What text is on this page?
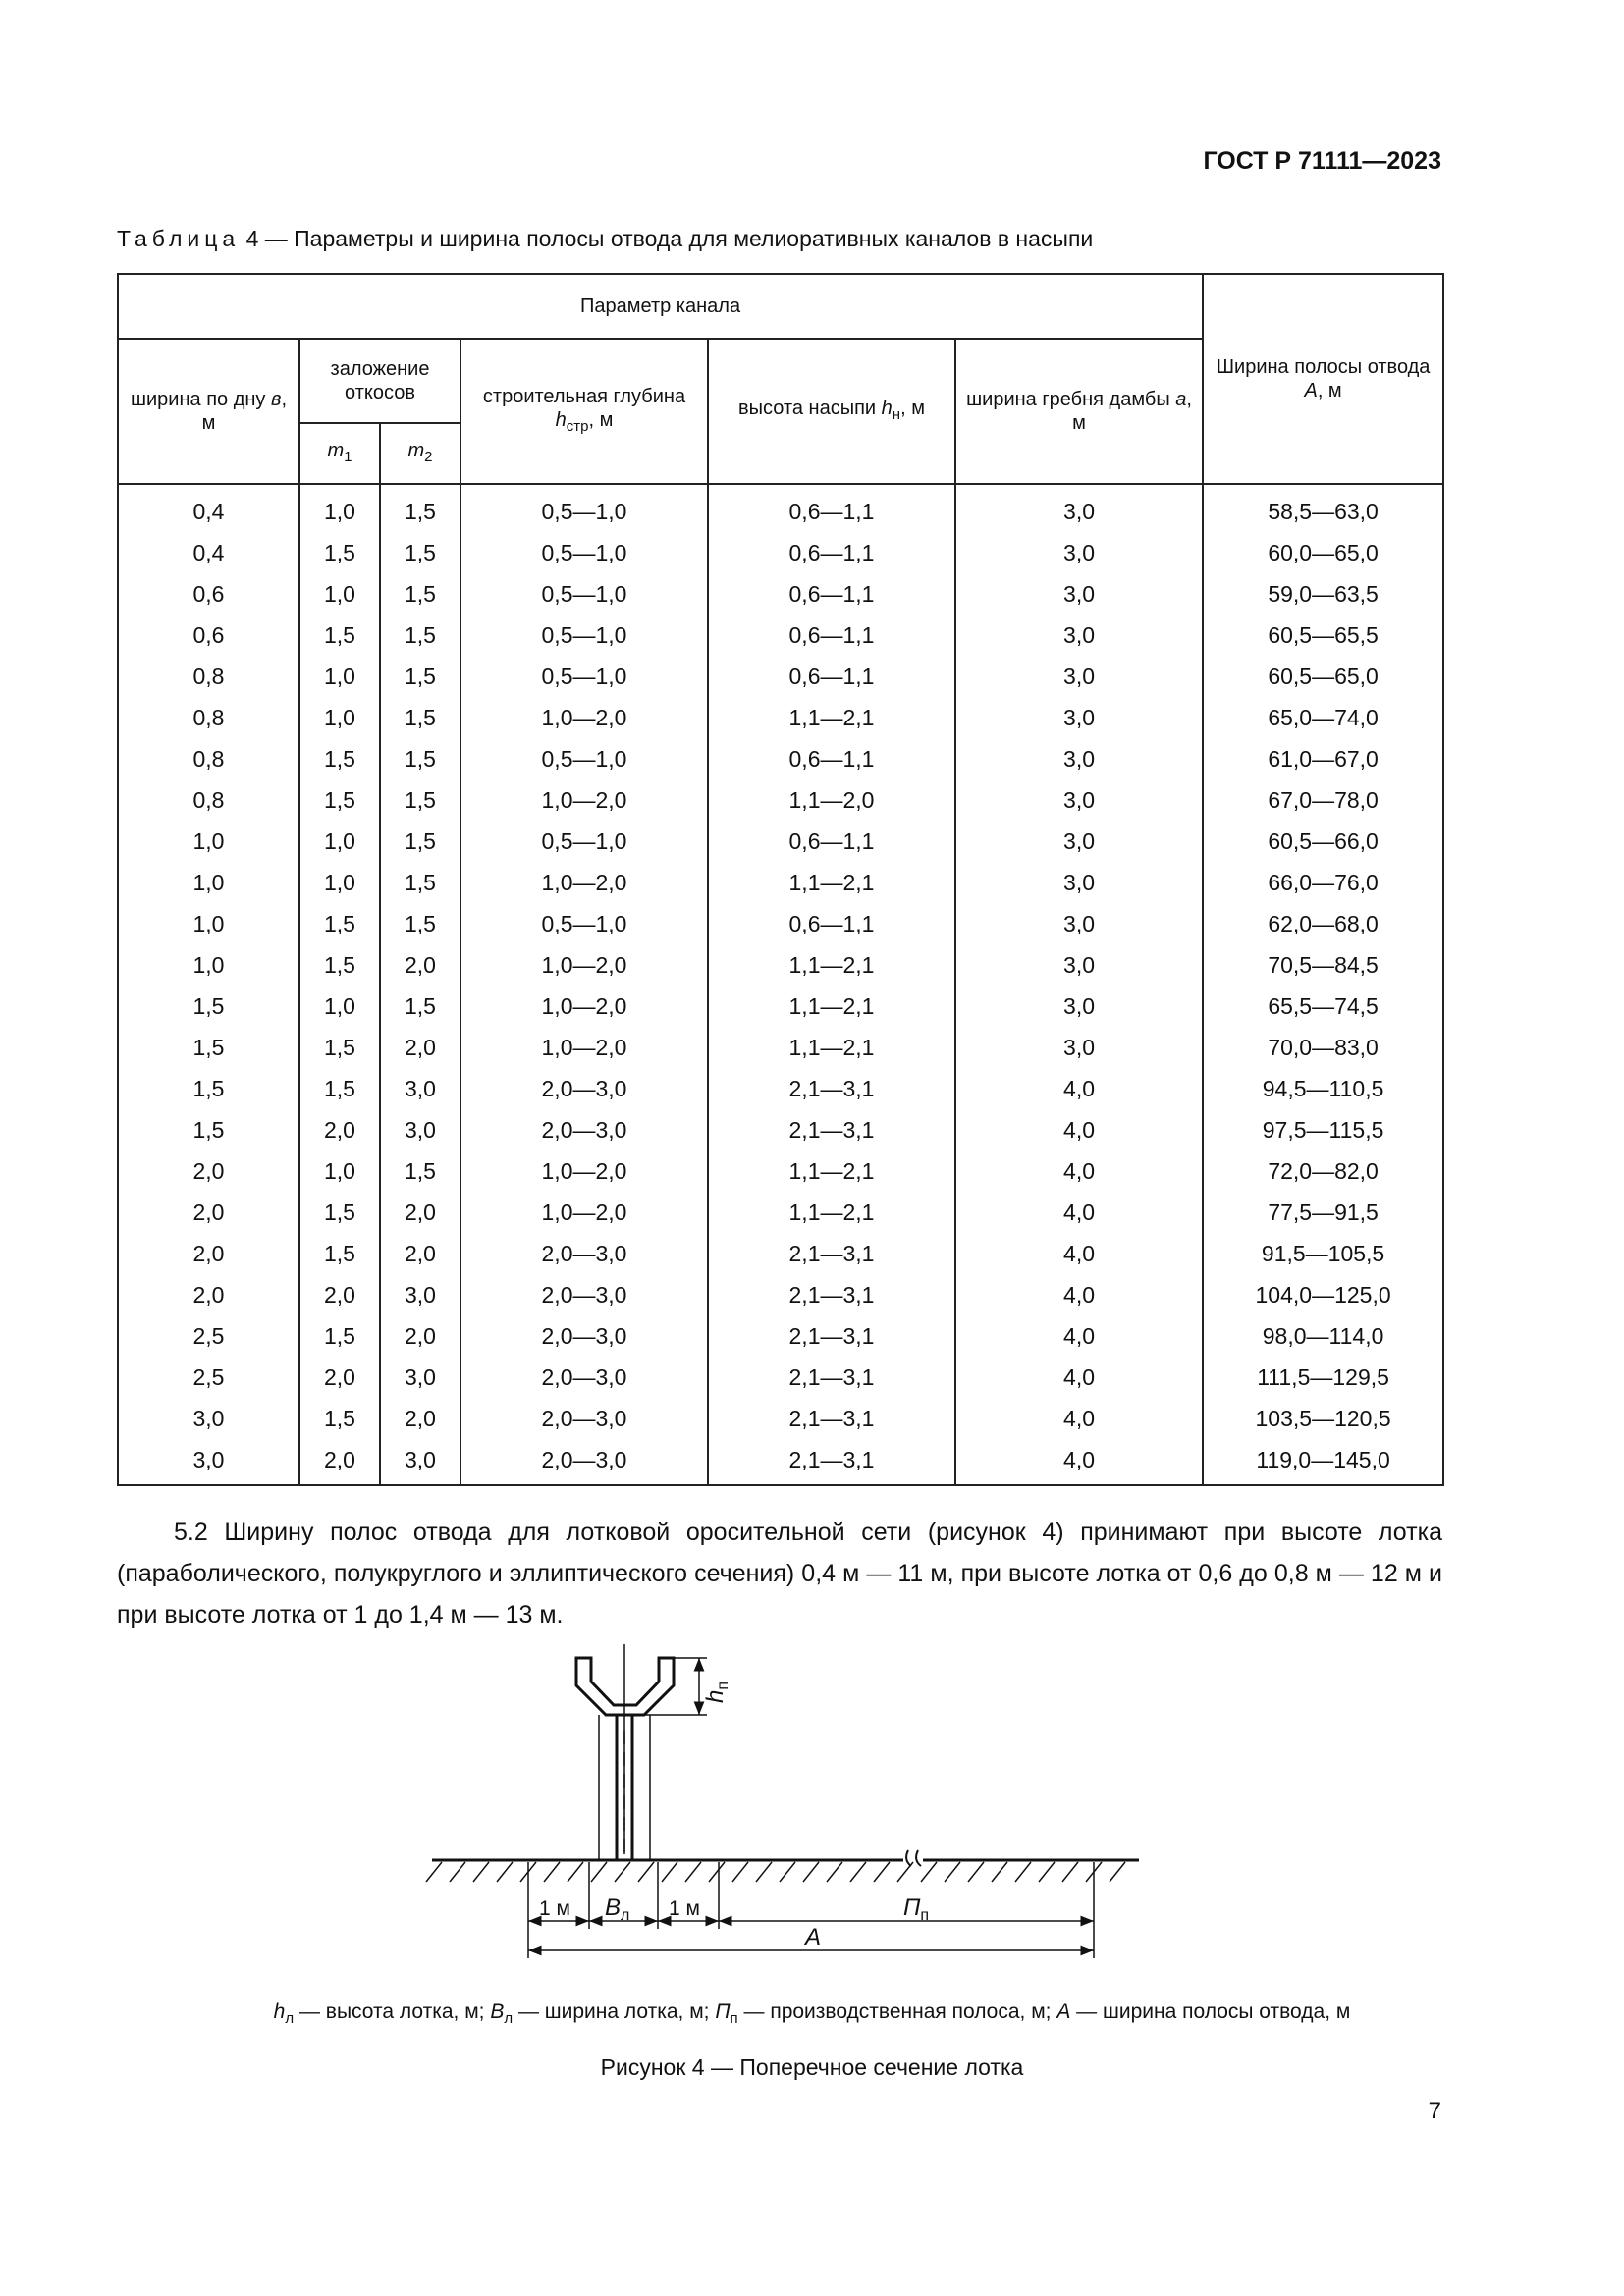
ГОСТ Р 71111—2023
Таблица 4 — Параметры и ширина полосы отвода для мелиоративных каналов в насыпи
Параметр канала						Ширина полосы отвода А, м
ширина по дну в, м	заложение откосов		строительная глубина $h_{стр}$, м	высота насыпи $h_н$, м	ширина гребня дамбы a, м	
	$m_1$	$m_2$
0,4	1,0	1,5	0,5—1,0	0,6—1,1	3,0	58,5—63,0
0,4	1,5	1,5	0,5—1,0	0,6—1,1	3,0	60,0—65,0
0,6	1,0	1,5	0,5—1,0	0,6—1,1	3,0	59,0—63,5
0,6	1,5	1,5	0,5—1,0	0,6—1,1	3,0	60,5—65,5
0,8	1,0	1,5	0,5—1,0	0,6—1,1	3,0	60,5—65,0
0,8	1,0	1,5	1,0—2,0	1,1—2,1	3,0	65,0—74,0
0,8	1,5	1,5	0,5—1,0	0,6—1,1	3,0	61,0—67,0
0,8	1,5	1,5	1,0—2,0	1,1—2,0	3,0	67,0—78,0
1,0	1,0	1,5	0,5—1,0	0,6—1,1	3,0	60,5—66,0
1,0	1,0	1,5	1,0—2,0	1,1—2,1	3,0	66,0—76,0
1,0	1,5	1,5	0,5—1,0	0,6—1,1	3,0	62,0—68,0
1,0	1,5	2,0	1,0—2,0	1,1—2,1	3,0	70,5—84,5
1,5	1,0	1,5	1,0—2,0	1,1—2,1	3,0	65,5—74,5
1,5	1,5	2,0	1,0—2,0	1,1—2,1	3,0	70,0—83,0
1,5	1,5	3,0	2,0—3,0	2,1—3,1	4,0	94,5—110,5
1,5	2,0	3,0	2,0—3,0	2,1—3,1	4,0	97,5—115,5
2,0	1,0	1,5	1,0—2,0	1,1—2,1	4,0	72,0—82,0
2,0	1,5	2,0	1,0—2,0	1,1—2,1	4,0	77,5—91,5
2,0	1,5	2,0	2,0—3,0	2,1—3,1	4,0	91,5—105,5
2,0	2,0	3,0	2,0—3,0	2,1—3,1	4,0	104,0—125,0
2,5	1,5	2,0	2,0—3,0	2,1—3,1	4,0	98,0—114,0
2,5	2,0	3,0	2,0—3,0	2,1—3,1	4,0	111,5—129,5
3,0	1,5	2,0	2,0—3,0	2,1—3,1	4,0	103,5—120,5
3,0	2,0	3,0	2,0—3,0	2,1—3,1	4,0	119,0—145,0
5.2 Ширину полос отвода для лотковой оросительной сети (рисунок 4) принимают при высоте лотка (параболического, полукруглого и эллиптического сечения) 0,4 м — 11 м, при высоте лотка от 0,6 до 0,8 м — 12 м и при высоте лотка от 1 до 1,4 м — 13 м.
$h_п$
1 м $В_л$ 1 м	$П_п$
А
$h_л$ — высота лотка, м; $В_л$ — ширина лотка, м; $П_п$ — производственная полоса, м; А — ширина полосы отвода, м
Рисунок 4 — Поперечное сечение лотка
7
